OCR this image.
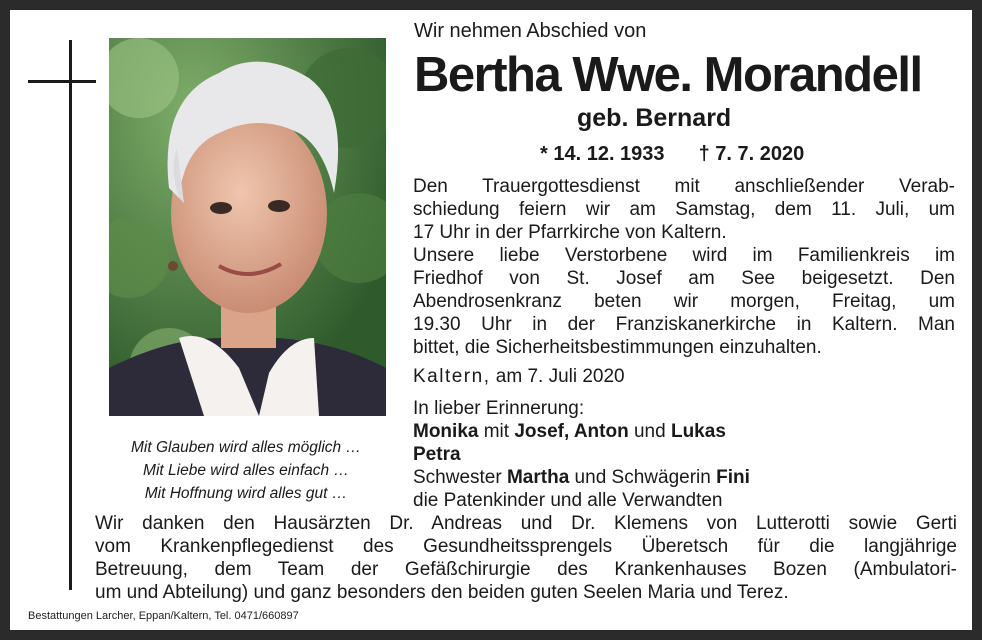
Mit Glauben wird alles möglich …
Mit Liebe wird alles einfach …
Mit Hoffnung wird alles gut …
Wir nehmen Abschied von
Bertha Wwe. Morandell
geb. Bernard
* 14. 12. 1933 † 7. 7. 2020
Den Trauergottesdienst mit anschließender Verab-
schiedung feiern wir am Samstag, dem 11. Juli, um
17 Uhr in der Pfarrkirche von Kaltern.
Unsere liebe Verstorbene wird im Familienkreis im
Friedhof von St. Josef am See beigesetzt. Den
Abendrosenkranz beten wir morgen, Freitag, um
19.30 Uhr in der Franziskanerkirche in Kaltern. Man
bittet, die Sicherheitsbestimmungen einzuhalten.
Kaltern, am 7. Juli 2020
In lieber Erinnerung:
Monika mit Josef, Anton und Lukas
Petra
Schwester Martha und Schwägerin Fini
die Patenkinder und alle Verwandten
Wir danken den Hausärzten Dr. Andreas und Dr. Klemens von Lutterotti sowie Gerti
vom Krankenpflegedienst des Gesundheitssprengels Überetsch für die langjährige
Betreuung, dem Team der Gefäßchirurgie des Krankenhauses Bozen (Ambulatori-
um und Abteilung) und ganz besonders den beiden guten Seelen Maria und Terez.
Bestattungen Larcher, Eppan/Kaltern, Tel. 0471/660897
